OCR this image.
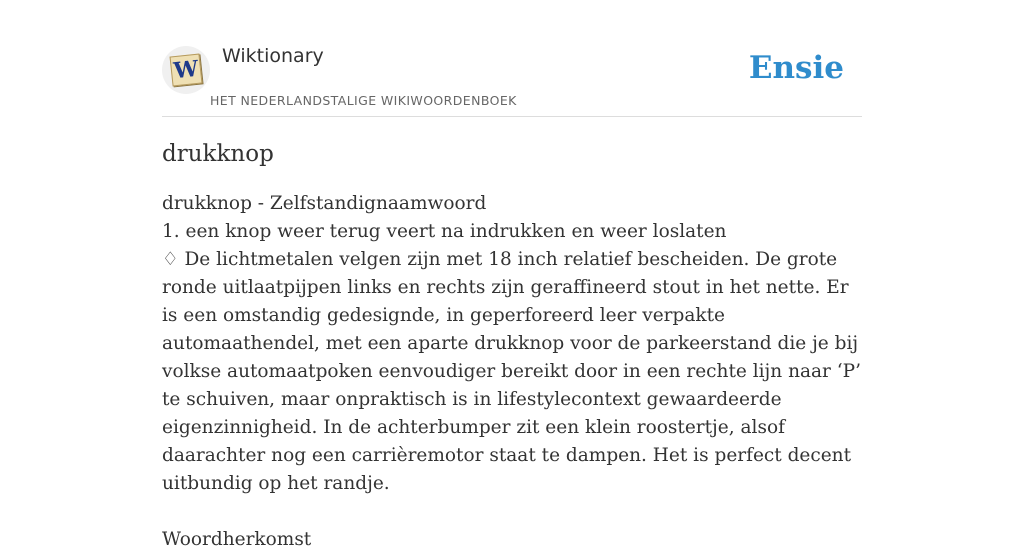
W Wiktionary
HET NEDERLANDSTALIGE WIKIWOORDENBOEK
Ensie
drukknop

drukknop - Zelfstandignaamwoord

1. een knop weer terug veert na indrukken en weer loslaten

♢ De lichtmetalen velgen zijn met 18 inch relatief bescheiden. De grote ronde uitlaatpijpen links en rechts zijn geraffineerd stout in het nette. Er is een omstandig gedesignde, in geperforeerd leer verpakte automaathendel, met een aparte drukknop voor de parkeerstand die je bij volkse automaatpoken eenvoudiger bereikt door in een rechte lijn naar ‘P’ te schuiven, maar onpraktisch is in lifestylecontext gewaardeerde eigenzinnigheid. In de achterbumper zit een klein roostertje, alsof daarachter nog een carrièremotor staat te dampen. Het is perfect decent uitbundig op het randje.

Woordherkomst
